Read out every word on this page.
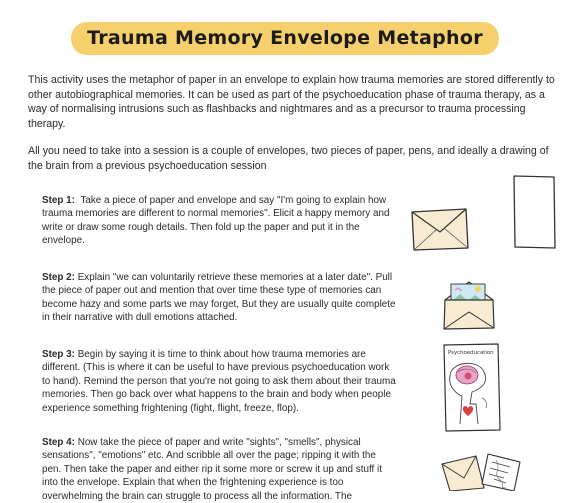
Trauma Memory Envelope Metaphor

This activity uses the metaphor of paper in an envelope to explain how trauma memories are stored differently to other autobiographical memories. It can be used as part of the psychoeducation phase of trauma therapy, as a way of normalising intrusions such as flashbacks and nightmares and as a precursor to trauma processing therapy.

All you need to take into a session is a couple of envelopes, two pieces of paper, pens, and ideally a drawing of the brain from a previous psychoeducation session

Step 1: Take a piece of paper and envelope and say "I'm going to explain how trauma memories are different to normal memories". Elicit a happy memory and write or draw some rough details. Then fold up the paper and put it in the envelope.

Step 2: Explain "we can voluntarily retrieve these memories at a later date". Pull the piece of paper out and mention that over time these type of memories can become hazy and some parts we may forget, But they are usually quite complete in their narrative with dull emotions attached.

Step 3: Begin by saying it is time to think about how trauma memories are different. (This is where it can be useful to have previous psychoeducation work to hand). Remind the person that you're not going to ask them about their trauma memories. Then go back over what happens to the brain and body when people experience something frightening (fight, flight, freeze, flop).

Step 4: Now take the piece of paper and write "sights", "smells", physical sensations", "emotions" etc. And scribble all over the page; ripping it with the pen. Then take the paper and either rip it some more or screw it up and stuff it into the envelope. Explain that when the frightening experience is too overwhelming the brain can struggle to process all the information. The

Psychoeducation
